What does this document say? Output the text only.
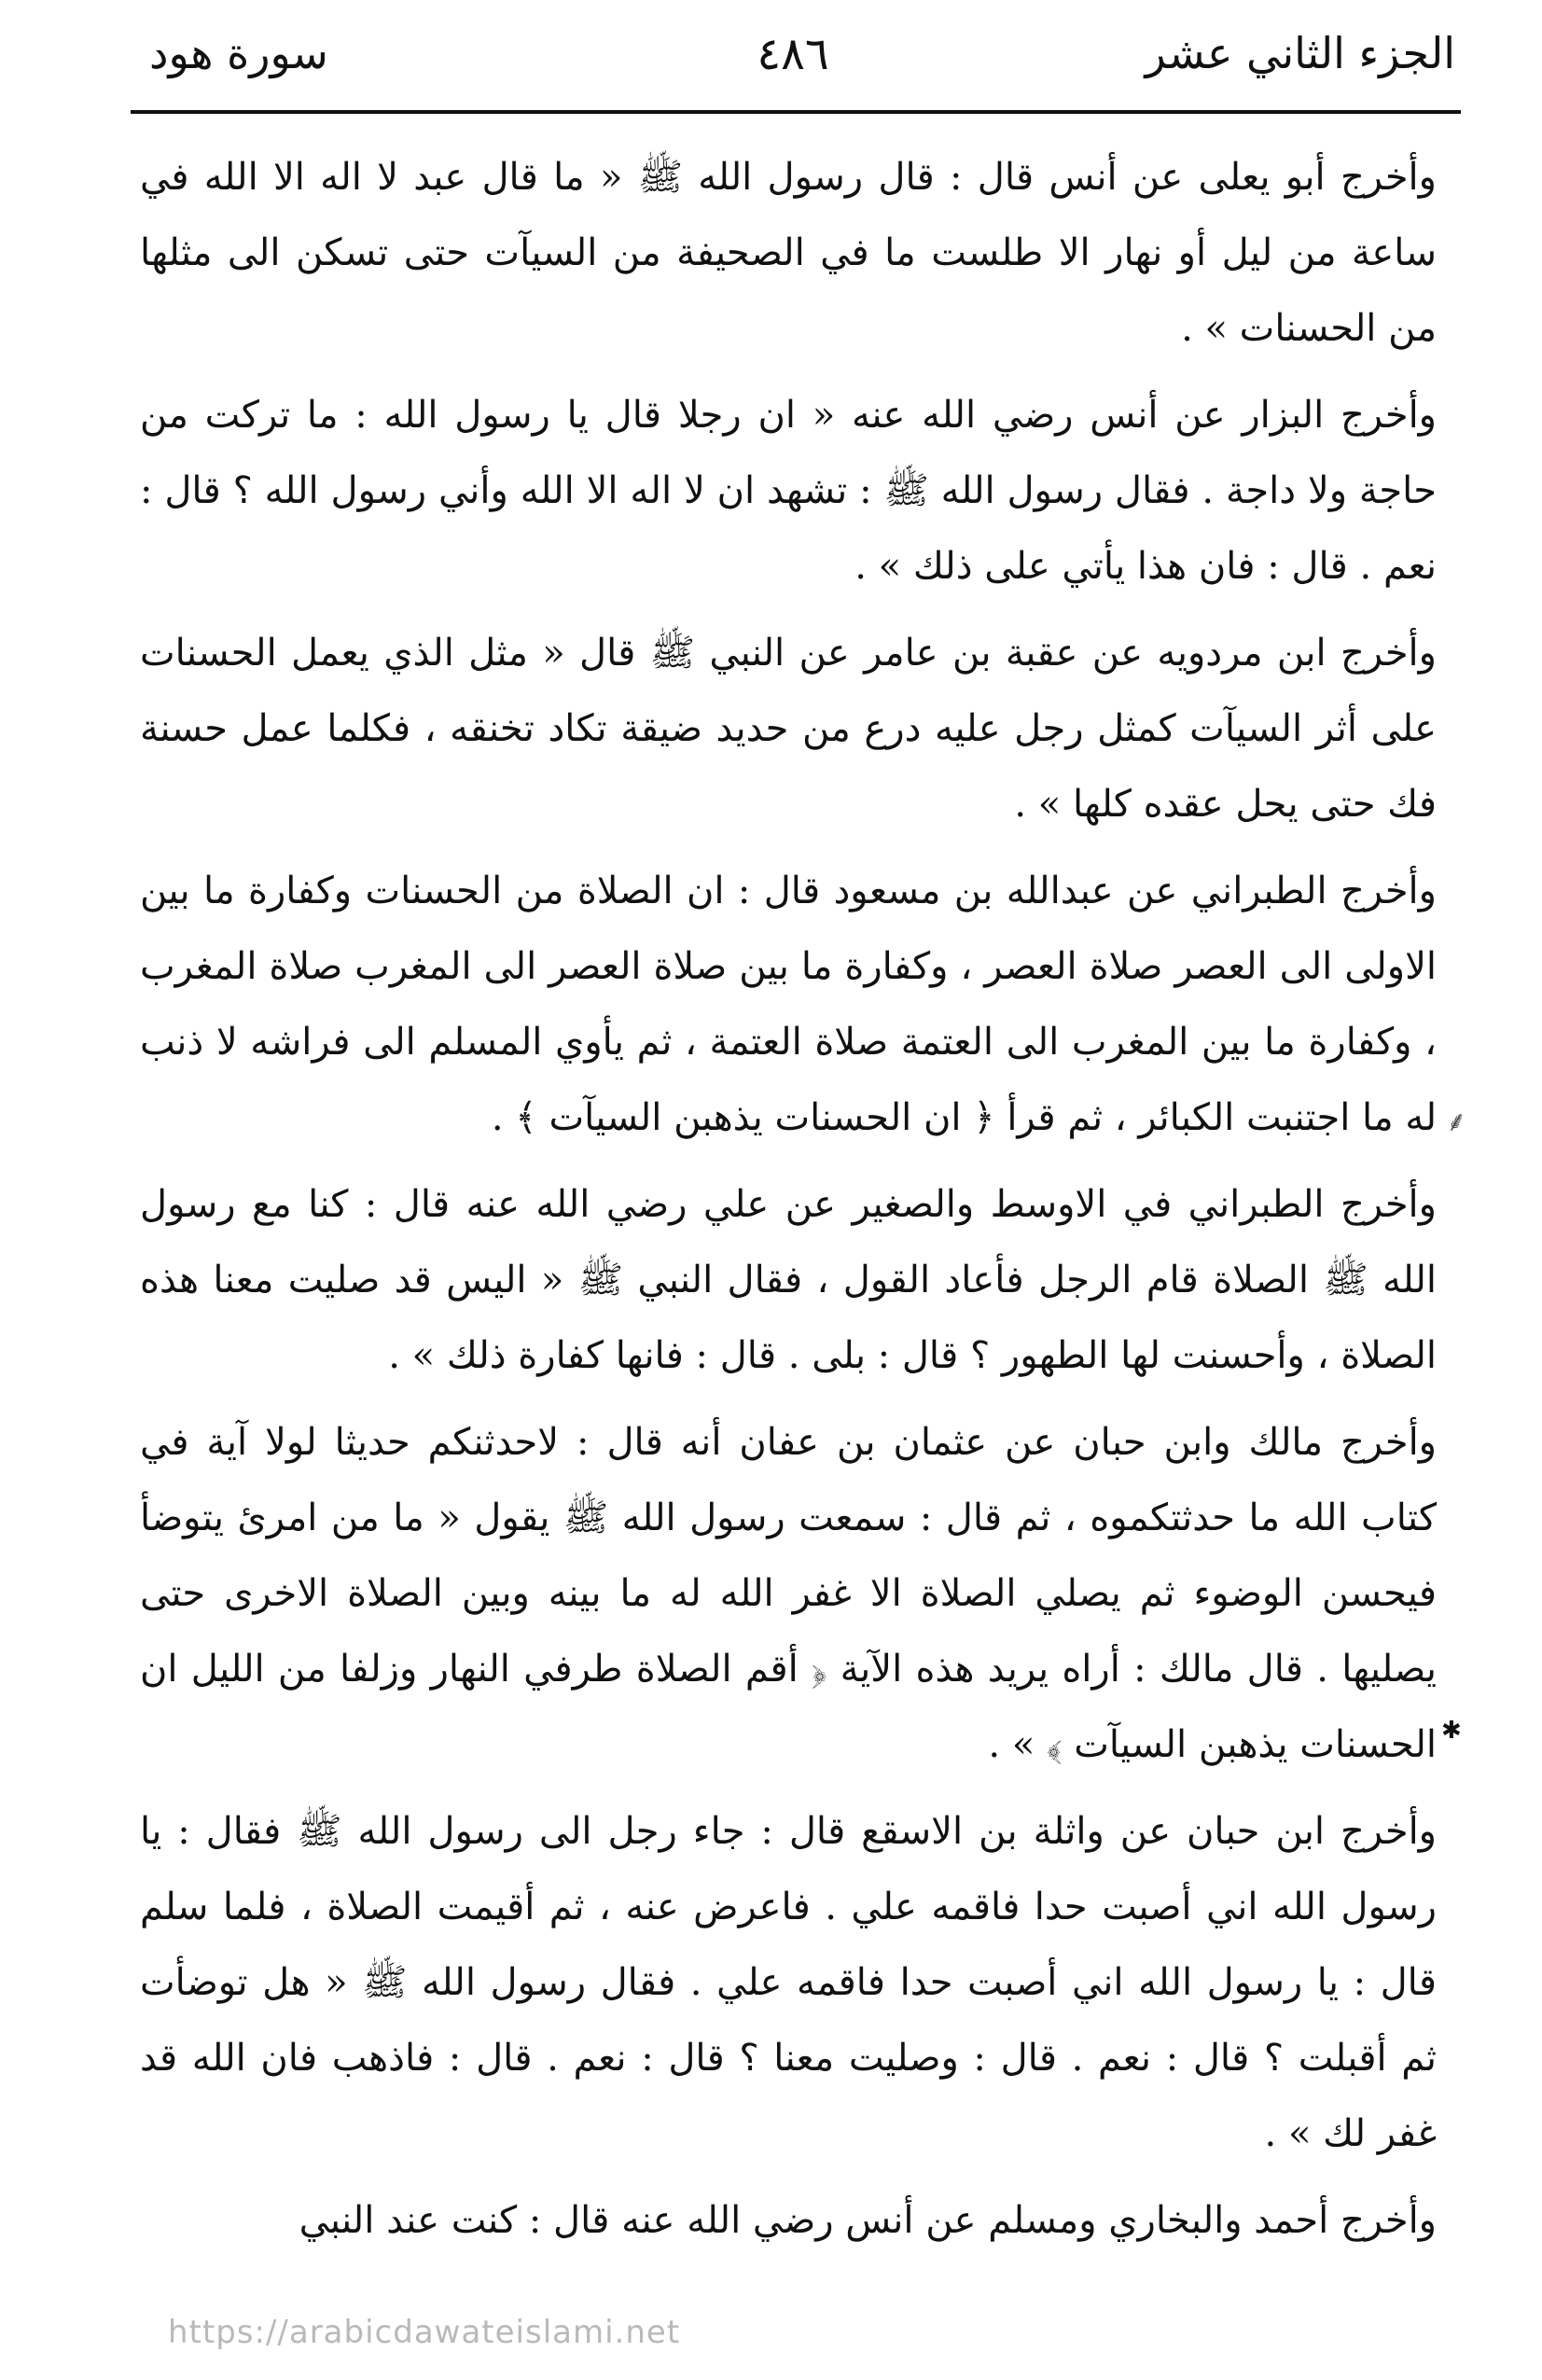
الجزء الثاني عشر
٤٨٦
سورة هود

وأخرج أبو يعلى عن أنس قال : قال رسول الله ﷺ « ما قال عبد لا اله الا الله في ساعة من ليل أو نهار الا طلست ما في الصحيفة من السيآت حتى تسكن الى مثلها من الحسنات » .

وأخرج البزار عن أنس رضي الله عنه « ان رجلا قال يا رسول الله : ما تركت من حاجة ولا داجة . فقال رسول الله ﷺ : تشهد ان لا اله الا الله وأني رسول الله ؟ قال : نعم . قال : فان هذا يأتي على ذلك » .

وأخرج ابن مردويه عن عقبة بن عامر عن النبي ﷺ قال « مثل الذي يعمل الحسنات على أثر السيآت كمثل رجل عليه درع من حديد ضيقة تكاد تخنقه ، فكلما عمل حسنة فك حتى يحل عقده كلها » .

وأخرج الطبراني عن عبدالله بن مسعود قال : ان الصلاة من الحسنات وكفارة ما بين الاولى الى العصر صلاة العصر ، وكفارة ما بين صلاة العصر الى المغرب صلاة المغرب ، وكفارة ما بين المغرب الى العتمة صلاة العتمة ، ثم يأوي المسلم الى فراشه لا ذنب له ما اجتنبت الكبائر ، ثم قرأ ﴿ ان الحسنات يذهبن السيآت ﴾ .

وأخرج الطبراني في الاوسط والصغير عن علي رضي الله عنه قال : كنا مع رسول الله ﷺ الصلاة قام الرجل فأعاد القول ، فقال النبي ﷺ « اليس قد صليت معنا هذه الصلاة ، وأحسنت لها الطهور ؟ قال : بلى . قال : فانها كفارة ذلك » .

وأخرج مالك وابن حبان عن عثمان بن عفان أنه قال : لاحدثنكم حديثا لولا آية في كتاب الله ما حدثتكموه ، ثم قال : سمعت رسول الله ﷺ يقول « ما من امرئ يتوضأ فيحسن الوضوء ثم يصلي الصلاة الا غفر الله له ما بينه وبين الصلاة الاخرى حتى يصليها . قال مالك : أراه يريد هذه الآية ﴿ أقم الصلاة طرفي النهار وزلفا من الليل ان الحسنات يذهبن السيآت ﴾ » .

وأخرج ابن حبان عن واثلة بن الاسقع قال : جاء رجل الى رسول الله ﷺ فقال : يا رسول الله اني أصبت حدا فاقمه علي . فاعرض عنه ، ثم أقيمت الصلاة ، فلما سلم قال : يا رسول الله اني أصبت حدا فاقمه علي . فقال رسول الله ﷺ « هل توضأت ثم أقبلت ؟ قال : نعم . قال : وصليت معنا ؟ قال : نعم . قال : فاذهب فان الله قد غفر لك » .

وأخرج أحمد والبخاري ومسلم عن أنس رضي الله عنه قال : كنت عند النبي

⸙
✱
https://arabicdawateislami.net
